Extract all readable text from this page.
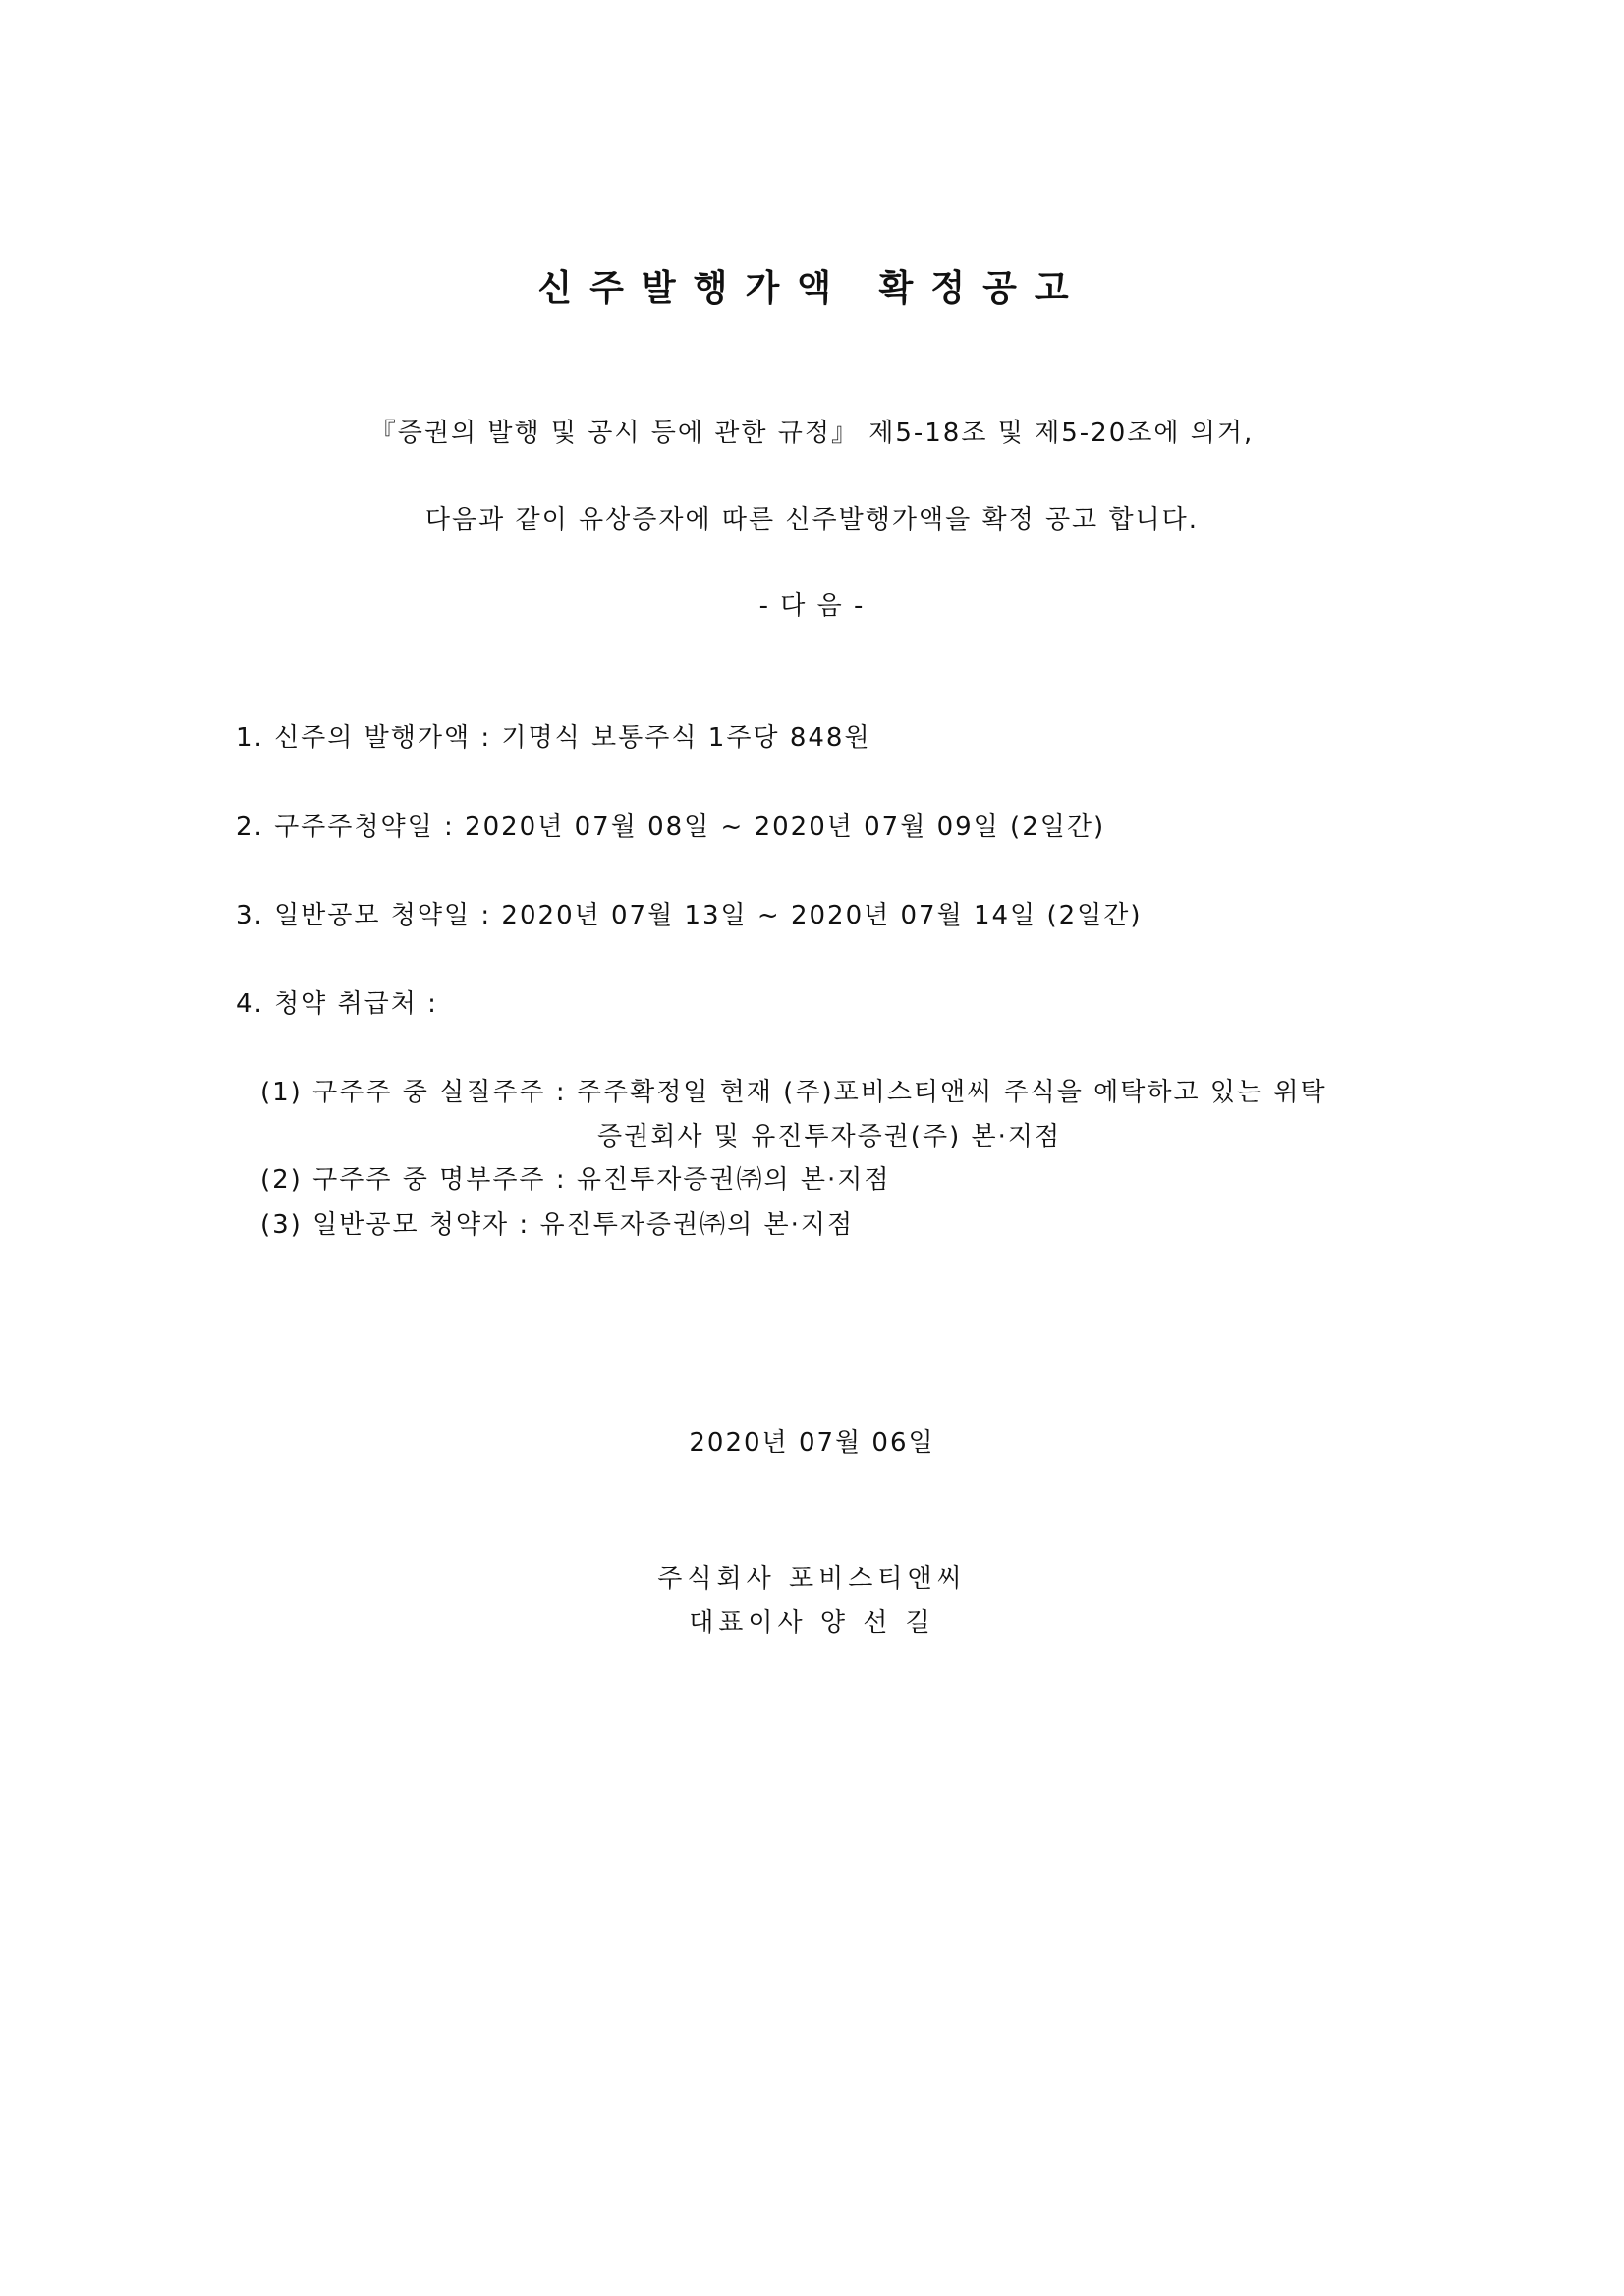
신주발행가액 확정공고
『증권의 발행 및 공시 등에 관한 규정』 제5-18조 및 제5-20조에 의거,
다음과 같이 유상증자에 따른 신주발행가액을 확정 공고 합니다.
- 다 음 -
1. 신주의 발행가액 : 기명식 보통주식 1주당 848원
2. 구주주청약일 : 2020년 07월 08일 ~ 2020년 07월 09일 (2일간)
3. 일반공모 청약일 : 2020년 07월 13일 ~ 2020년 07월 14일 (2일간)
4. 청약 취급처 :
(1) 구주주 중 실질주주 : 주주확정일 현재 (주)포비스티앤씨 주식을 예탁하고 있는 위탁
증권회사 및 유진투자증권(주) 본·지점
(2) 구주주 중 명부주주 : 유진투자증권㈜의 본·지점
(3) 일반공모 청약자 : 유진투자증권㈜의 본·지점
2020년 07월 06일
주식회사 포비스티앤씨
대표이사 양 선 길
